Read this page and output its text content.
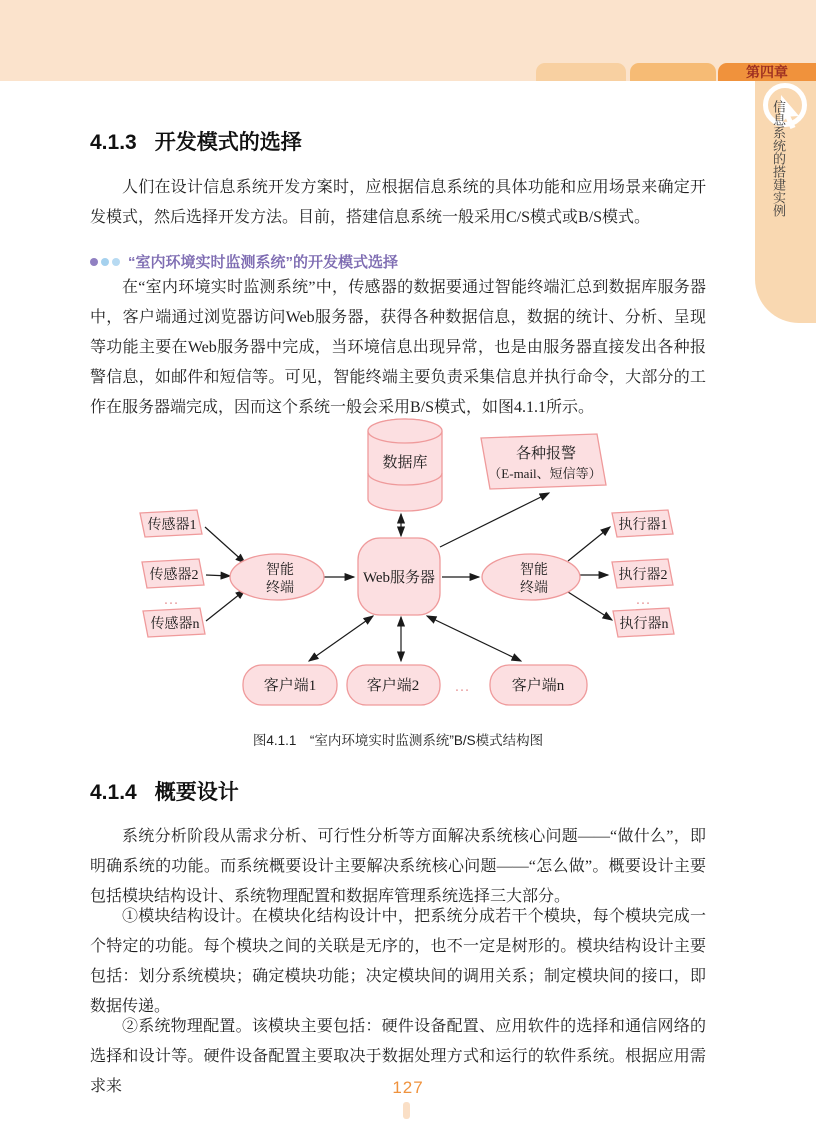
第四章
信息系统的搭建实例
4.1.3 开发模式的选择
人们在设计信息系统开发方案时，应根据信息系统的具体功能和应用场景来确定开发模式，然后选择开发方法。目前，搭建信息系统一般采用C/S模式或B/S模式。
“室内环境实时监测系统”的开发模式选择
在“室内环境实时监测系统”中，传感器的数据要通过智能终端汇总到数据库服务器中，客户端通过浏览器访问Web服务器，获得各种数据信息，数据的统计、分析、呈现等功能主要在Web服务器中完成，当环境信息出现异常，也是由服务器直接发出各种报警信息，如邮件和短信等。可见，智能终端主要负责采集信息并执行命令，大部分的工作在服务器端完成，因而这个系统一般会采用B/S模式，如图4.1.1所示。
数据库
各种报警
（E-mail、短信等）
传感器1
传感器2
…
传感器n
智能
终端
Web服务器	智能
终端
执行器1
执行器2
…
执行器n
客户端1	客户端2 …	客户端n
图4.1.1　“室内环境实时监测系统”B/S模式结构图
4.1.4 概要设计
系统分析阶段从需求分析、可行性分析等方面解决系统核心问题——“做什么”，即明确系统的功能。而系统概要设计主要解决系统核心问题——“怎么做”。概要设计主要包括模块结构设计、系统物理配置和数据库管理系统选择三大部分。
①模块结构设计。在模块化结构设计中，把系统分成若干个模块，每个模块完成一个特定的功能。每个模块之间的关联是无序的，也不一定是树形的。模块结构设计主要包括：划分系统模块；确定模块功能；决定模块间的调用关系；制定模块间的接口，即数据传递。
②系统物理配置。该模块主要包括：硬件设备配置、应用软件的选择和通信网络的选择和设计等。硬件设备配置主要取决于数据处理方式和运行的软件系统。根据应用需求来	127
